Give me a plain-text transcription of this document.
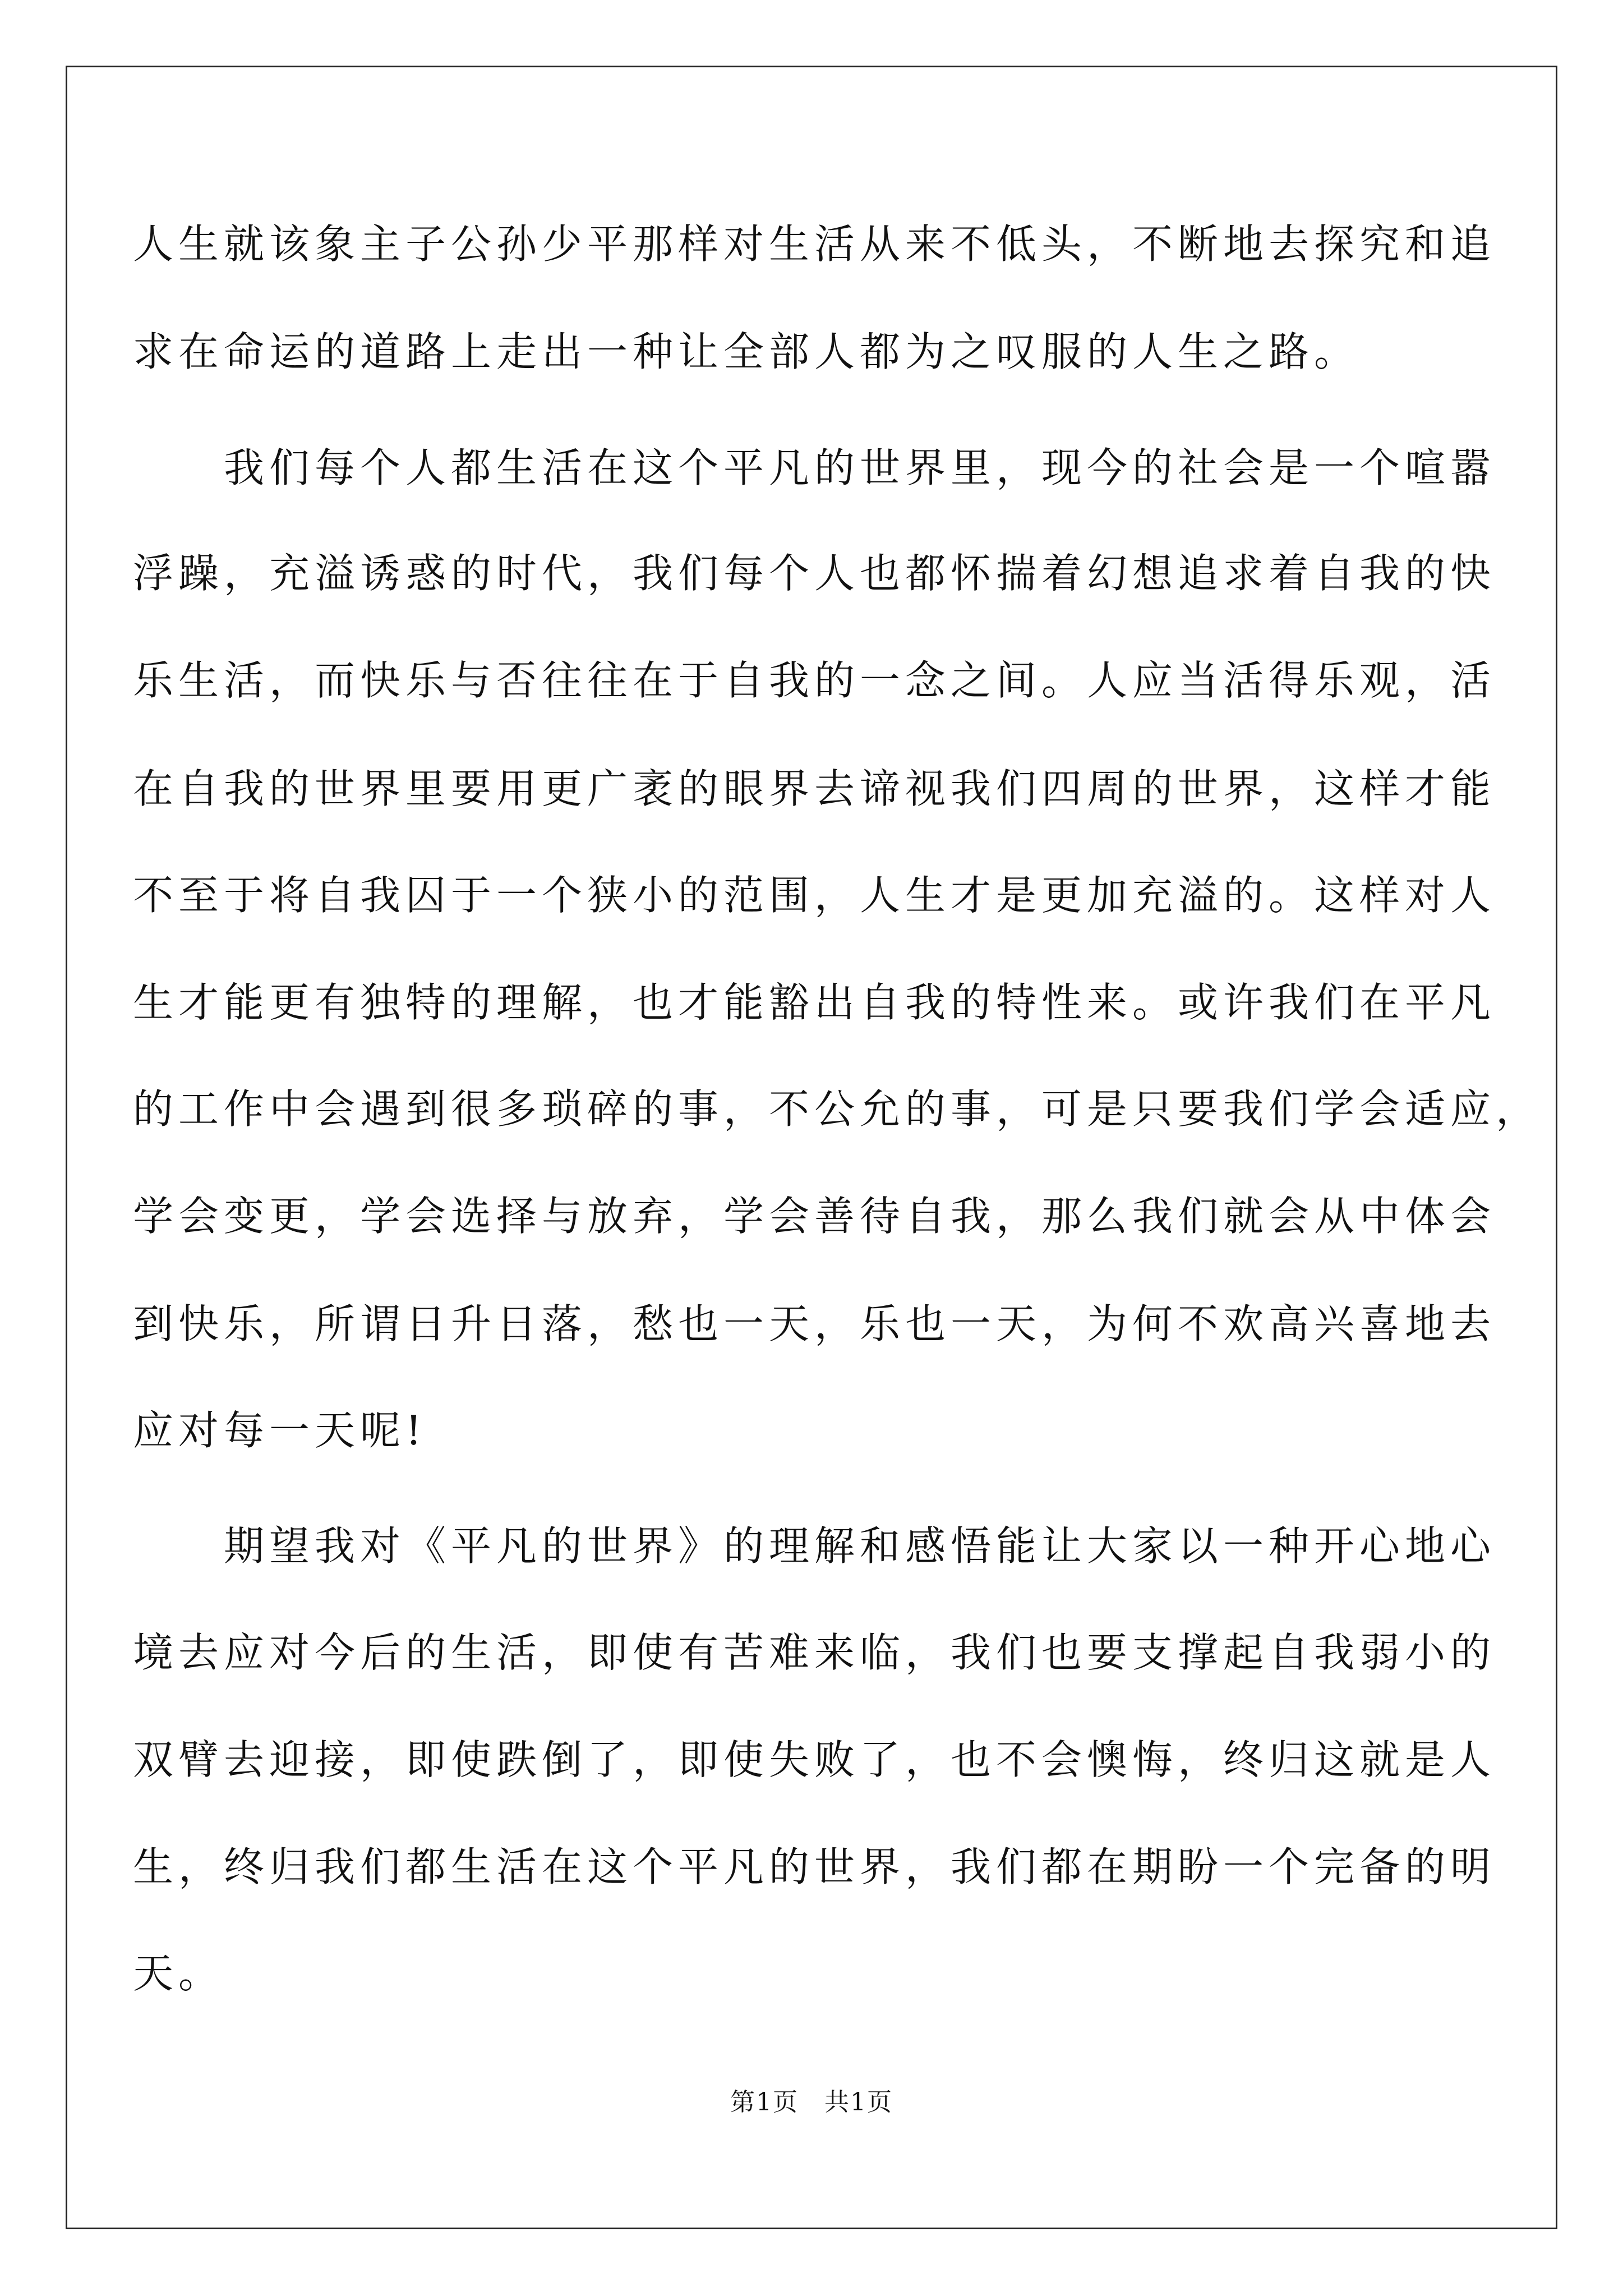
人生就该象主子公孙少平那样对生活从来不低头，不断地去探究和追
求在命运的道路上走出一种让全部人都为之叹服的人生之路。
　　我们每个人都生活在这个平凡的世界里，现今的社会是一个喧嚣
浮躁，充溢诱惑的时代，我们每个人也都怀揣着幻想追求着自我的快
乐生活，而快乐与否往往在于自我的一念之间。人应当活得乐观，活
在自我的世界里要用更广袤的眼界去谛视我们四周的世界，这样才能
不至于将自我囚于一个狭小的范围，人生才是更加充溢的。这样对人
生才能更有独特的理解，也才能豁出自我的特性来。或许我们在平凡
的工作中会遇到很多琐碎的事，不公允的事，可是只要我们学会适应，
学会变更，学会选择与放弃，学会善待自我，那么我们就会从中体会
到快乐，所谓日升日落，愁也一天，乐也一天，为何不欢高兴喜地去
应对每一天呢!
　　期望我对《平凡的世界》的理解和感悟能让大家以一种开心地心
境去应对今后的生活，即使有苦难来临，我们也要支撑起自我弱小的
双臂去迎接，即使跌倒了，即使失败了，也不会懊悔，终归这就是人
生，终归我们都生活在这个平凡的世界，我们都在期盼一个完备的明
天。
第1页　共1页
